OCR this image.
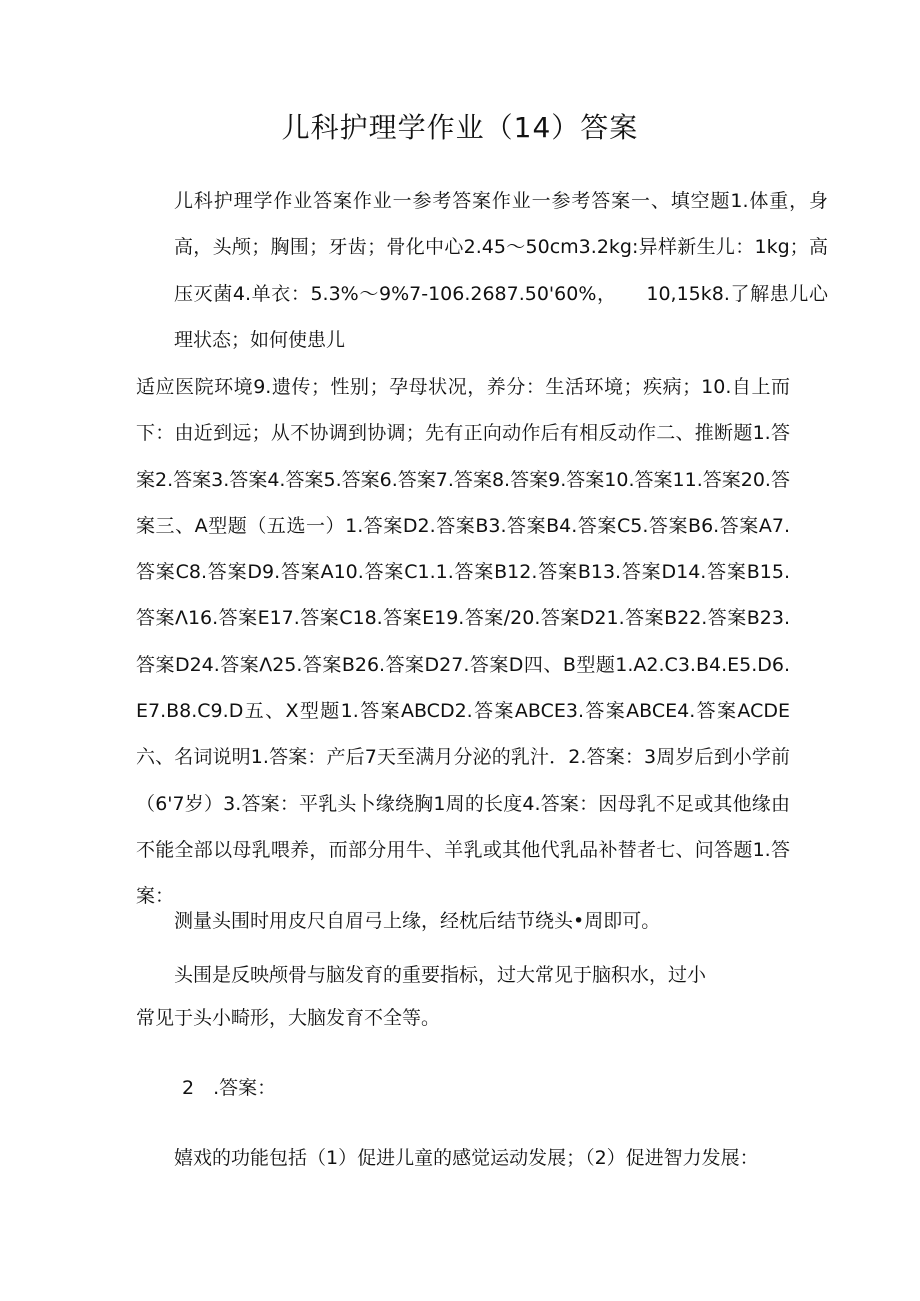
儿科护理学作业（14）答案

儿科护理学作业答案作业一参考答案作业一参考答案一、填空题1.体重，身高，头颅；胸围；牙齿；骨化中心2.45～50cm3.2kg:异样新生儿：1kg；高压灭菌4.单衣：5.3%～9%7-106.2687.50'60%，　　10,15k8.了解患儿心理状态；如何使患儿

适应医院环境9.遗传；性别；孕母状况，养分：生活环境；疾病；10.自上而下：由近到远；从不协调到协调；先有正向动作后有相反动作二、推断题1.答案2.答案3.答案4.答案5.答案6.答案7.答案8.答案9.答案10.答案11.答案20.答案三、A型题（五选一）1.答案D2.答案B3.答案B4.答案C5.答案B6.答案A7.答案C8.答案D9.答案A10.答案C1.1.答案B12.答案B13.答案D14.答案B15.答案Λ16.答案E17.答案C18.答案E19.答案∕20.答案D21.答案B22.答案B23.答案D24.答案Λ25.答案B26.答案D27.答案D四、B型题1.A2.C3.B4.E5.D6.E7.B8.C9.D五、X型题1.答案ABCD2.答案ABCE3.答案ABCE4.答案ACDE六、名词说明1.答案：产后7天至满月分泌的乳汁．2.答案：3周岁后到小学前（6'7岁）3.答案：平乳头卜缘绕胸1周的长度4.答案：因母乳不足或其他缘由不能全部以母乳喂养，而部分用牛、羊乳或其他代乳品补替者七、问答题1.答案：

测量头围时用皮尺自眉弓上缘，经枕后结节绕头•周即可。

头围是反映颅骨与脑发育的重要指标，过大常见于脑积水，过小

常见于头小畸形，大脑发育不全等。

2　.答案：

嬉戏的功能包括（1）促进儿童的感觉运动发展；（2）促进智力发展：
